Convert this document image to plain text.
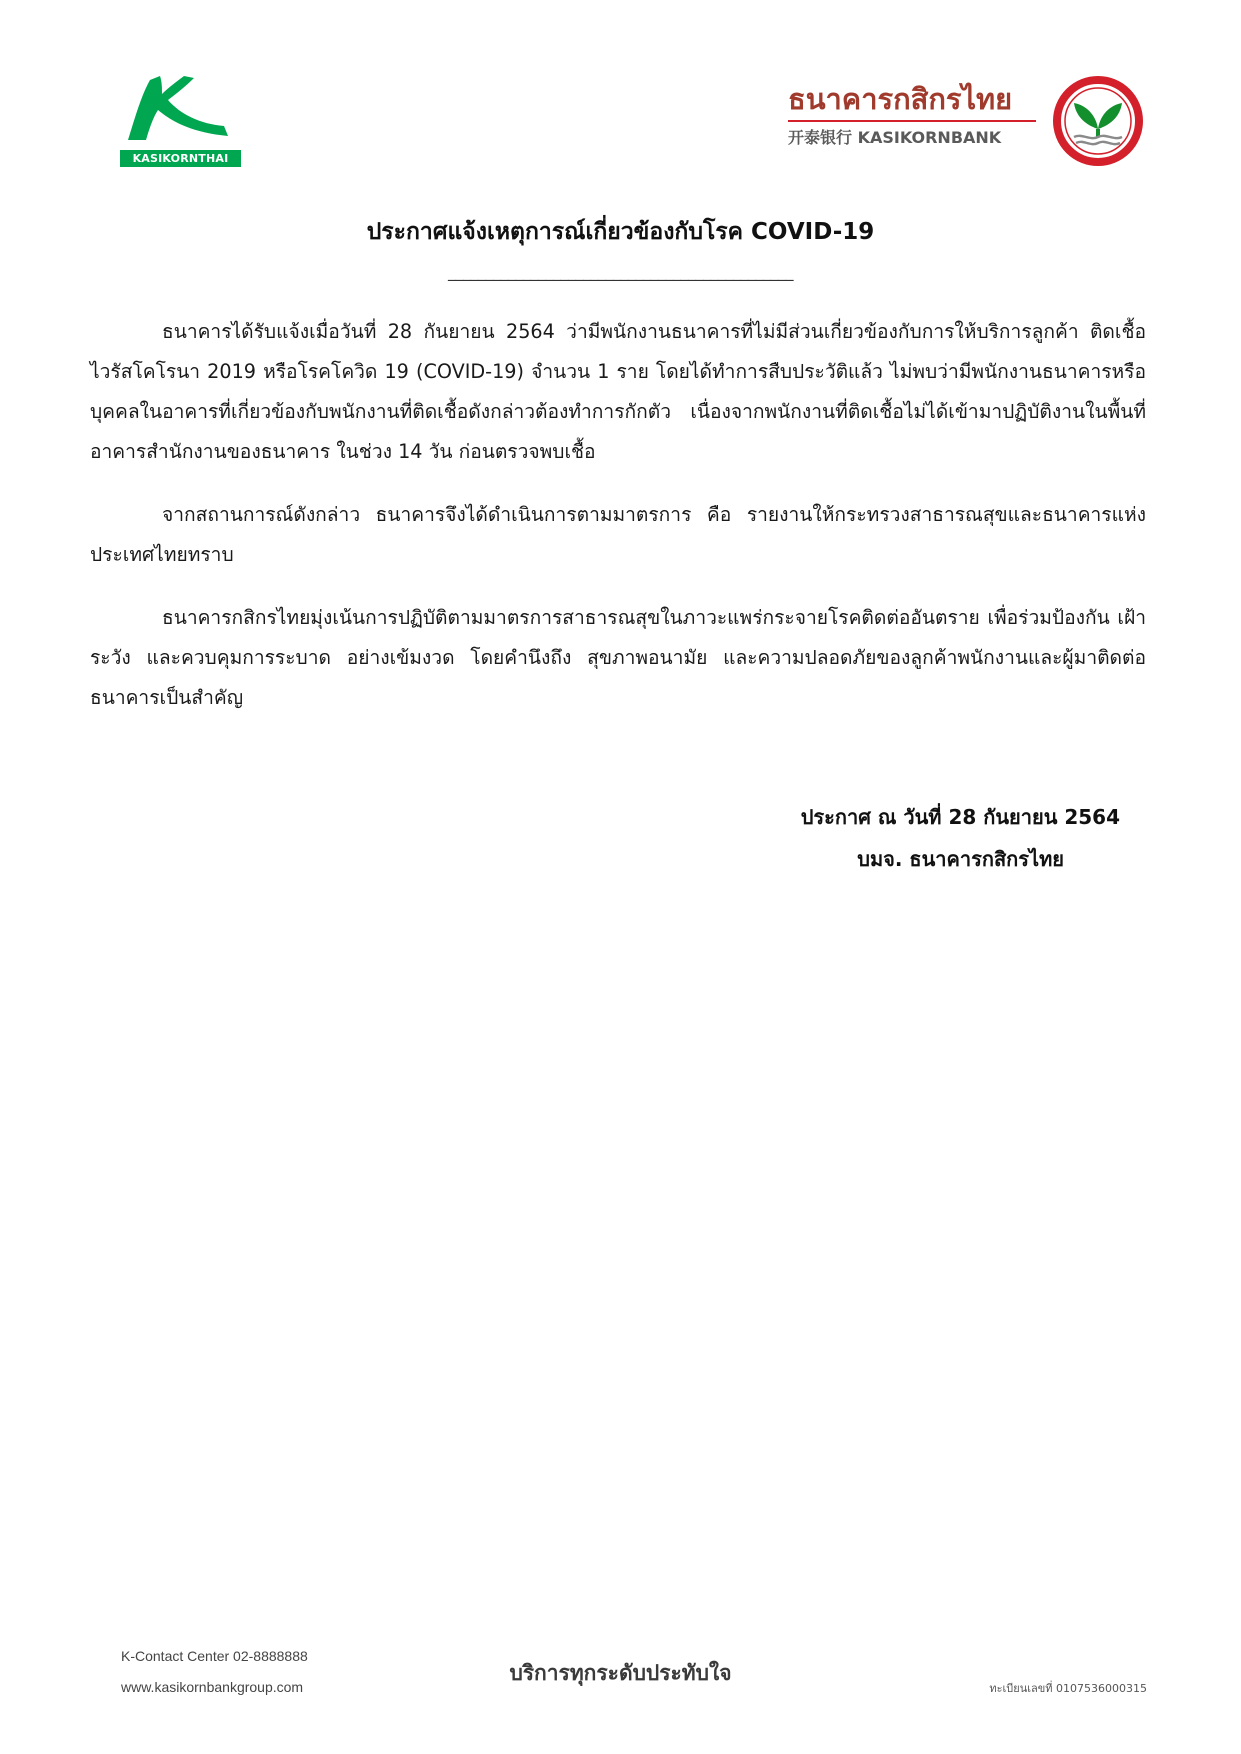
KASIKORNTHAI
ธนาคารกสิกรไทย
开泰银行 KASIKORNBANK
ประกาศแจ้งเหตุการณ์เกี่ยวข้องกับโรค COVID-19
______________________________________________

ธนาคารได้รับแจ้งเมื่อวันที่ 28 กันยายน 2564 ว่ามีพนักงานธนาคารที่ไม่มีส่วนเกี่ยวข้องกับการให้บริการลูกค้า ติดเชื้อไวรัสโคโรนา 2019 หรือโรคโควิด 19 (COVID-19) จำนวน 1 ราย โดยได้ทำการสืบประวัติแล้ว ไม่พบว่ามีพนักงานธนาคารหรือบุคคลในอาคารที่เกี่ยวข้องกับพนักงานที่ติดเชื้อดังกล่าวต้องทำการกักตัว เนื่องจากพนักงานที่ติดเชื้อไม่ได้เข้ามาปฏิบัติงานในพื้นที่อาคารสำนักงานของธนาคาร ในช่วง 14 วัน ก่อนตรวจพบเชื้อ

จากสถานการณ์ดังกล่าว ธนาคารจึงได้ดำเนินการตามมาตรการ คือ รายงานให้กระทรวงสาธารณสุขและธนาคารแห่งประเทศไทยทราบ

ธนาคารกสิกรไทยมุ่งเน้นการปฏิบัติตามมาตรการสาธารณสุขในภาวะแพร่กระจายโรคติดต่ออันตราย เพื่อร่วมป้องกัน เฝ้าระวัง และควบคุมการระบาด อย่างเข้มงวด โดยคำนึงถึง สุขภาพอนามัย และความปลอดภัยของลูกค้าพนักงานและผู้มาติดต่อธนาคารเป็นสำคัญ

ประกาศ ณ วันที่ 28 กันยายน 2564
บมจ. ธนาคารกสิกรไทย
K-Contact Center 02-8888888
www.kasikornbankgroup.com
บริการทุกระดับประทับใจ
ทะเบียนเลขที่ 0107536000315
